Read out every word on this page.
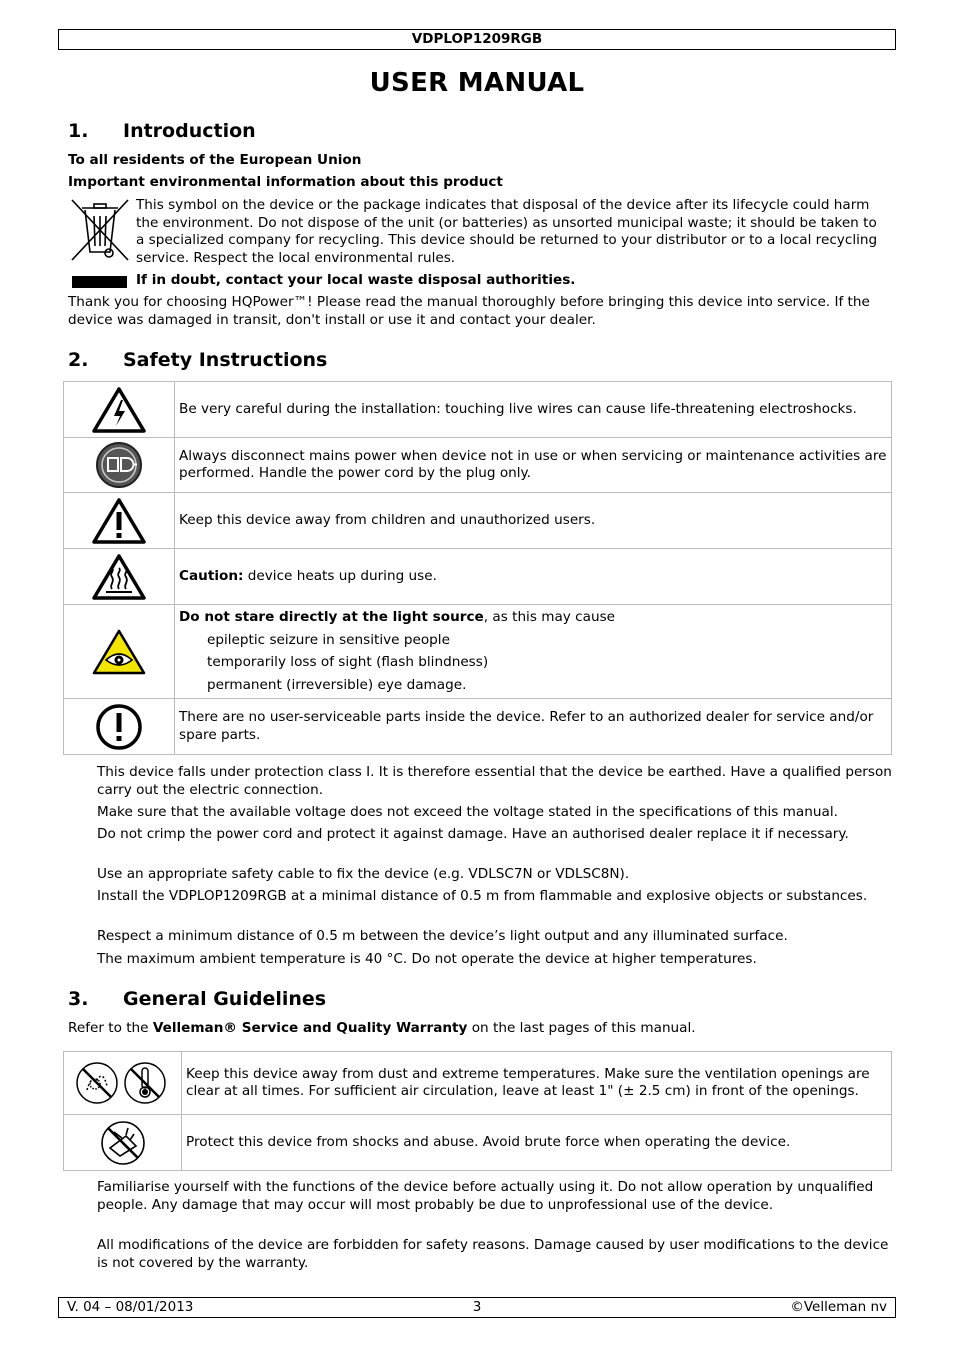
VDPLOP1209RGB
USER MANUAL
1. Introduction
To all residents of the European Union
Important environmental information about this product
This symbol on the device or the package indicates that disposal of the device after its lifecycle could harm the environment. Do not dispose of the unit (or batteries) as unsorted municipal waste; it should be taken to a specialized company for recycling. This device should be returned to your distributor or to a local recycling service. Respect the local environmental rules.
If in doubt, contact your local waste disposal authorities.
Thank you for choosing HQPower™! Please read the manual thoroughly before bringing this device into service. If the device was damaged in transit, don't install or use it and contact your dealer.
2. Safety Instructions
	Be very careful during the installation: touching live wires can cause life-threatening electroshocks.

	Always disconnect mains power when device not in use or when servicing or maintenance activities are performed. Handle the power cord by the plug only.

	Keep this device away from children and unauthorized users.

	Caution: device heats up during use.

	Do not stare directly at the light source, as this may cause
epileptic seizure in sensitive people
temporarily loss of sight (flash blindness)
permanent (irreversible) eye damage.

	There are no user-serviceable parts inside the device. Refer to an authorized dealer for service and/or spare parts.
This device falls under protection class I. It is therefore essential that the device be earthed. Have a qualified person carry out the electric connection.
Make sure that the available voltage does not exceed the voltage stated in the specifications of this manual.
Do not crimp the power cord and protect it against damage. Have an authorised dealer replace it if necessary.
Use an appropriate safety cable to fix the device (e.g. VDLSC7N or VDLSC8N).
Install the VDPLOP1209RGB at a minimal distance of 0.5 m from flammable and explosive objects or substances.
Respect a minimum distance of 0.5 m between the device’s light output and any illuminated surface.
The maximum ambient temperature is 40 °C. Do not operate the device at higher temperatures.
3. General Guidelines
Refer to the Velleman® Service and Quality Warranty on the last pages of this manual.
	Keep this device away from dust and extreme temperatures. Make sure the ventilation openings are clear at all times. For sufficient air circulation, leave at least 1" (± 2.5 cm) in front of the openings.

	Protect this device from shocks and abuse. Avoid brute force when operating the device.
Familiarise yourself with the functions of the device before actually using it. Do not allow operation by unqualified people. Any damage that may occur will most probably be due to unprofessional use of the device.
All modifications of the device are forbidden for safety reasons. Damage caused by user modifications to the device is not covered by the warranty.
V. 04 – 08/01/2013	3	©Velleman nv
